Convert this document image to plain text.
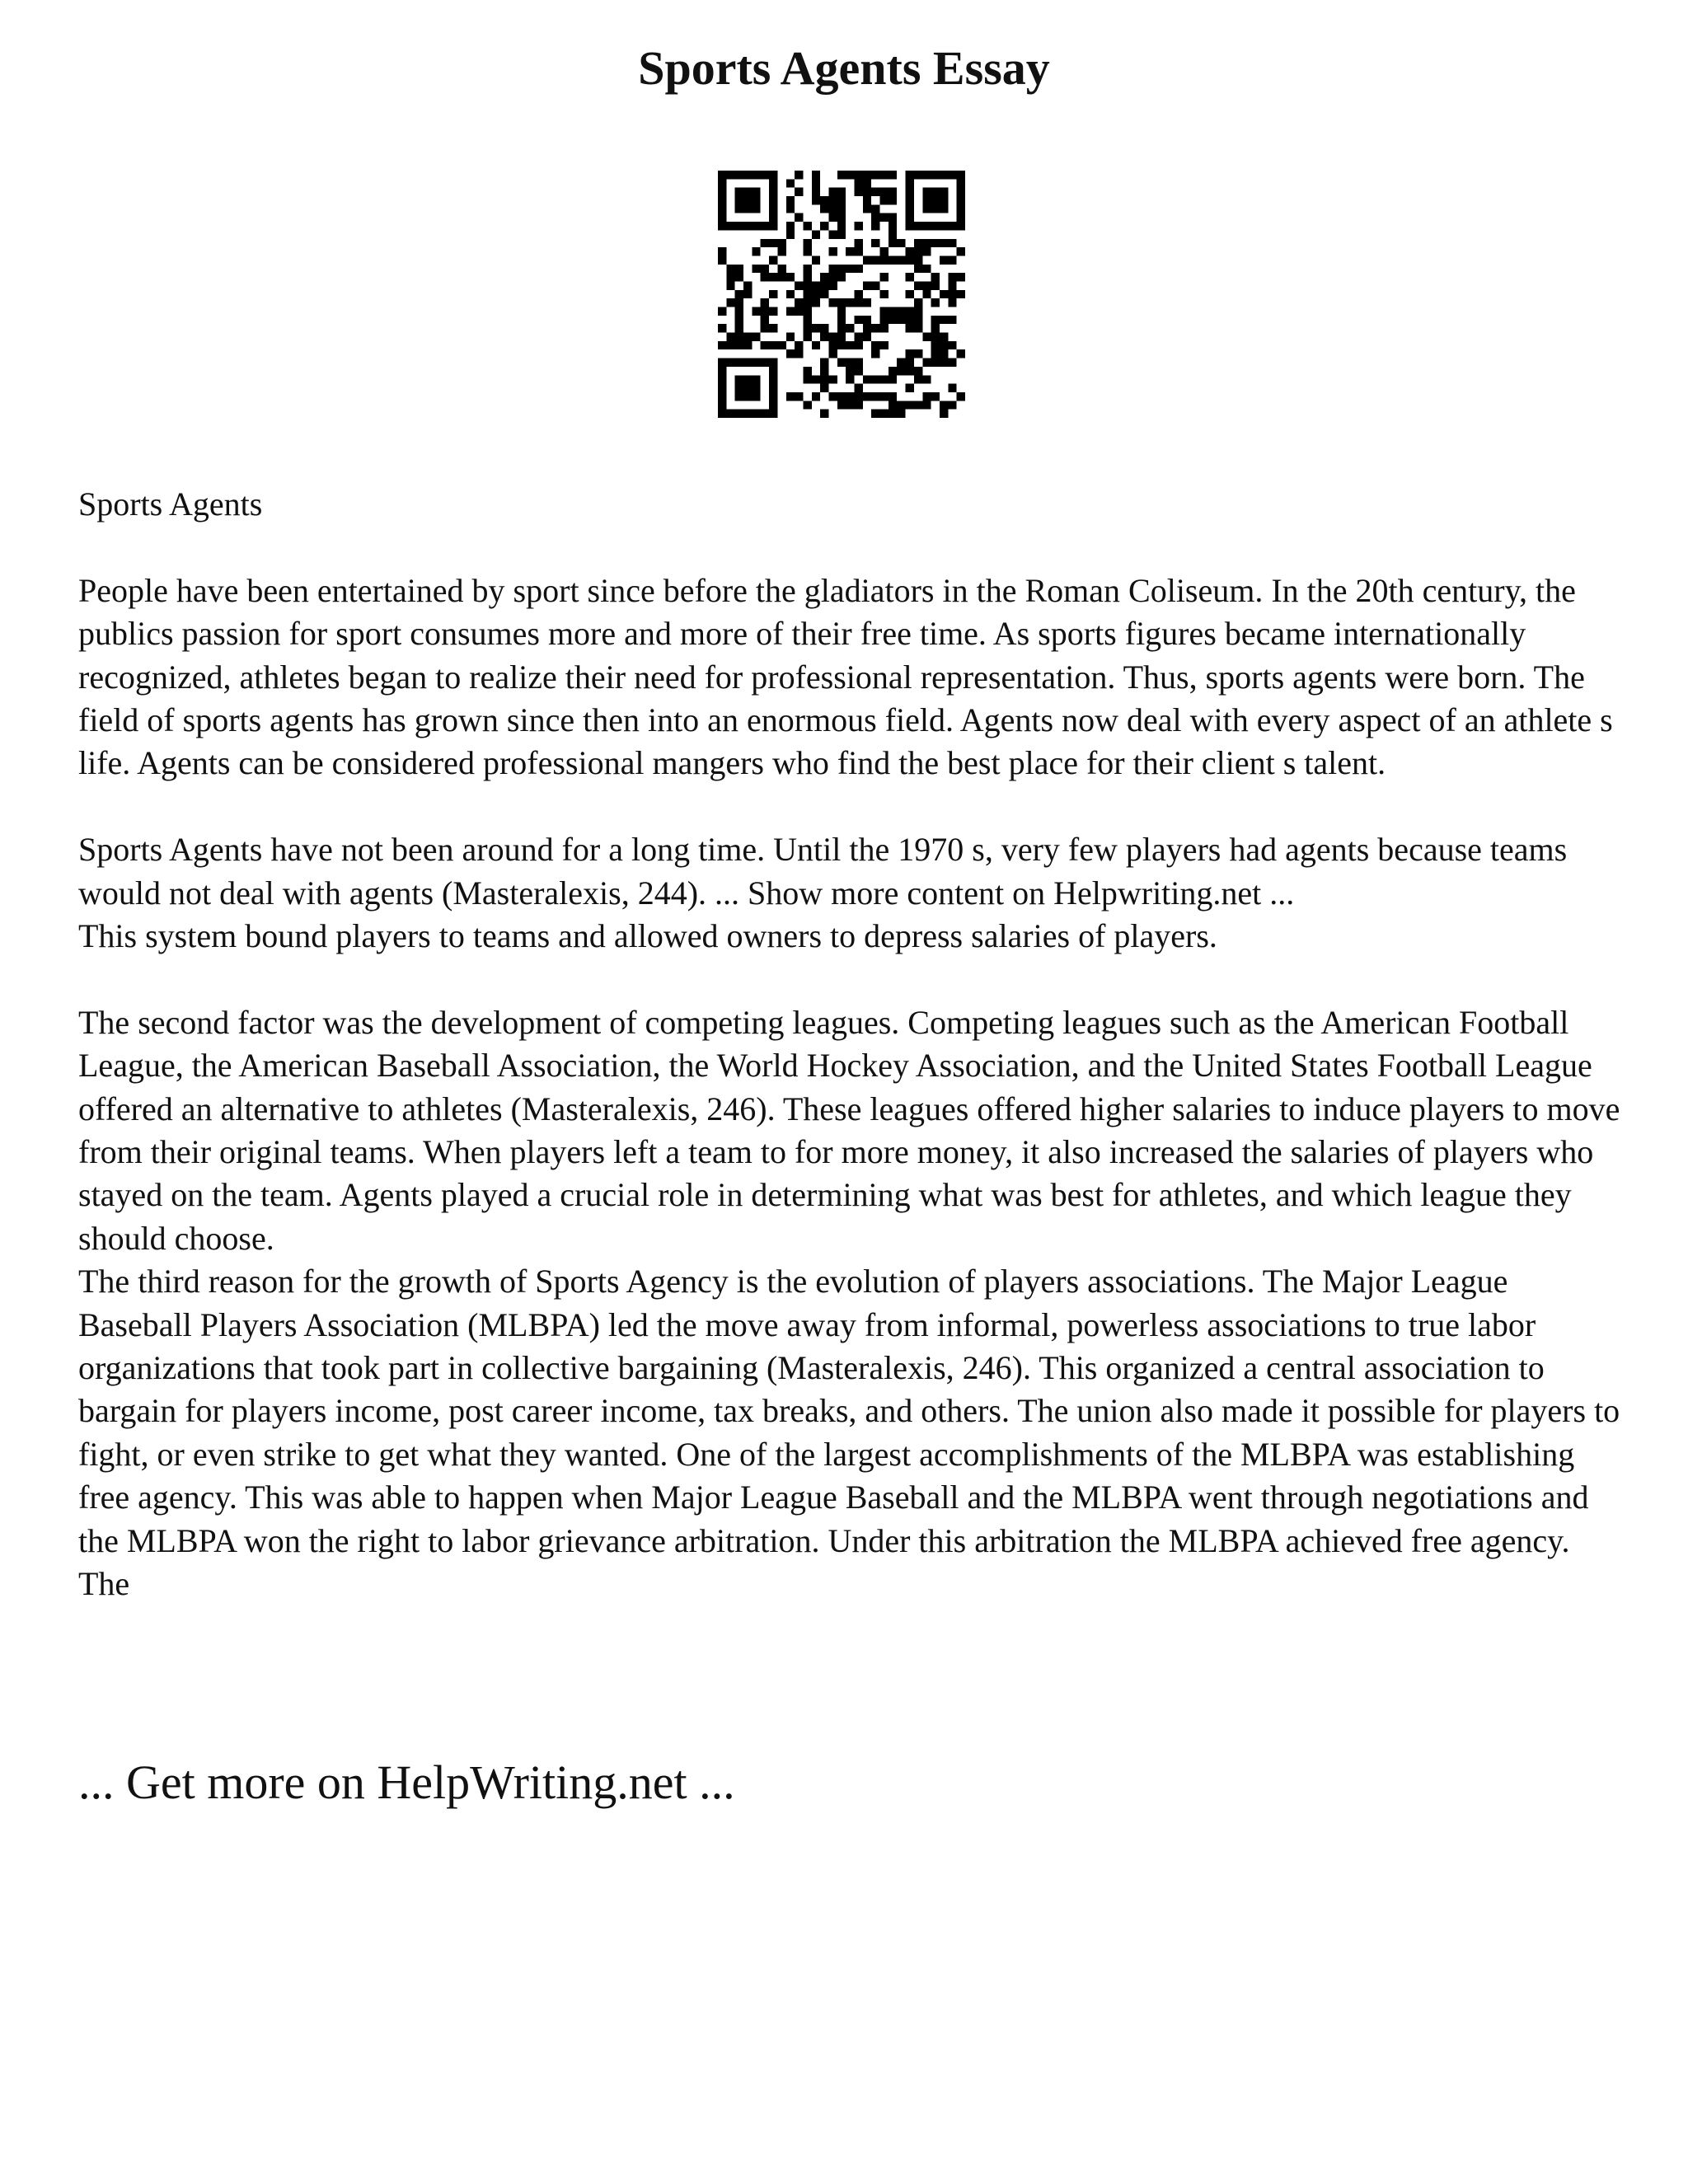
Sports Agents Essay

Sports Agents

People have been entertained by sport since before the gladiators in the Roman Coliseum. In the 20th century, the publics passion for sport consumes more and more of their free time. As sports figures became internationally recognized, athletes began to realize their need for professional representation. Thus, sports agents were born. The field of sports agents has grown since then into an enormous field. Agents now deal with every aspect of an athlete s life. Agents can be considered professional mangers who find the best place for their client s talent.

Sports Agents have not been around for a long time. Until the 1970 s, very few players had agents because teams would not deal with agents (Masteralexis, 244). ... Show more content on Helpwriting.net ...

This system bound players to teams and allowed owners to depress salaries of players.

The second factor was the development of competing leagues. Competing leagues such as the American Football League, the American Baseball Association, the World Hockey Association, and the United States Football League offered an alternative to athletes (Masteralexis, 246). These leagues offered higher salaries to induce players to move from their original teams. When players left a team to for more money, it also increased the salaries of players who stayed on the team. Agents played a crucial role in determining what was best for athletes, and which league they should choose.

The third reason for the growth of Sports Agency is the evolution of players associations. The Major League Baseball Players Association (MLBPA) led the move away from informal, powerless associations to true labor organizations that took part in collective bargaining (Masteralexis, 246). This organized a central association to bargain for players income, post career income, tax breaks, and others. The union also made it possible for players to fight, or even strike to get what they wanted. One of the largest accomplishments of the MLBPA was establishing free agency. This was able to happen when Major League Baseball and the MLBPA went through negotiations and the MLBPA won the right to labor grievance arbitration. Under this arbitration the MLBPA achieved free agency. The

... Get more on HelpWriting.net ...
